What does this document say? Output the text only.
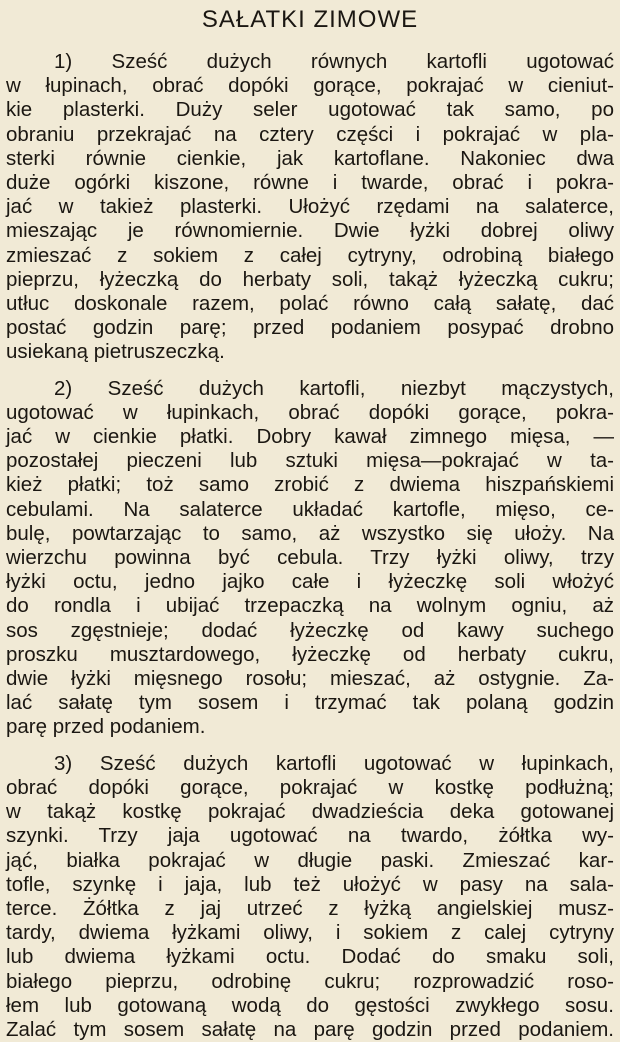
SAŁATKI ZIMOWE
1) Sześć dużych równych kartofli ugotować
w łupinach, obrać dopóki gorące, pokrajać w cieniut-
kie plasterki. Duży seler ugotować tak samo, po
obraniu przekrajać na cztery części i pokrajać w pla-
sterki równie cienkie, jak kartoflane. Nakoniec dwa
duże ogórki kiszone, równe i twarde, obrać i pokra-
jać w takież plasterki. Ułożyć rzędami na salaterce,
mieszając je równomiernie. Dwie łyżki dobrej oliwy
zmieszać z sokiem z całej cytryny, odrobiną białego
pieprzu, łyżeczką do herbaty soli, takąż łyżeczką cukru;
utłuc doskonale razem, polać równo całą sałatę, dać
postać godzin parę; przed podaniem posypać drobno
usiekaną pietruszeczką.
2) Sześć dużych kartofli, niezbyt mączystych,
ugotować w łupinkach, obrać dopóki gorące, pokra-
jać w cienkie płatki. Dobry kawał zimnego mięsa, —
pozostałej pieczeni lub sztuki mięsa—pokrajać w ta-
kież płatki; toż samo zrobić z dwiema hiszpańskiemi
cebulami. Na salaterce układać kartofle, mięso, ce-
bulę, powtarzając to samo, aż wszystko się ułoży. Na
wierzchu powinna być cebula. Trzy łyżki oliwy, trzy
łyżki octu, jedno jajko całe i łyżeczkę soli włożyć
do rondla i ubijać trzepaczką na wolnym ogniu, aż
sos zgęstnieje; dodać łyżeczkę od kawy suchego
proszku musztardowego, łyżeczkę od herbaty cukru,
dwie łyżki mięsnego rosołu; mieszać, aż ostygnie. Za-
lać sałatę tym sosem i trzymać tak polaną godzin
parę przed podaniem.
3) Sześć dużych kartofli ugotować w łupinkach,
obrać dopóki gorące, pokrajać w kostkę podłużną;
w takąż kostkę pokrajać dwadzieścia deka gotowanej
szynki. Trzy jaja ugotować na twardo, żółtka wy-
jąć, białka pokrajać w długie paski. Zmieszać kar-
tofle, szynkę i jaja, lub też ułożyć w pasy na sala-
terce. Żółtka z jaj utrzeć z łyżką angielskiej musz-
tardy, dwiema łyżkami oliwy, i sokiem z calej cytryny
lub dwiema łyżkami octu. Dodać do smaku soli,
białego pieprzu, odrobinę cukru; rozprowadzić roso-
łem lub gotowaną wodą do gęstości zwykłego sosu.
Zalać tym sosem sałatę na parę godzin przed podaniem.
